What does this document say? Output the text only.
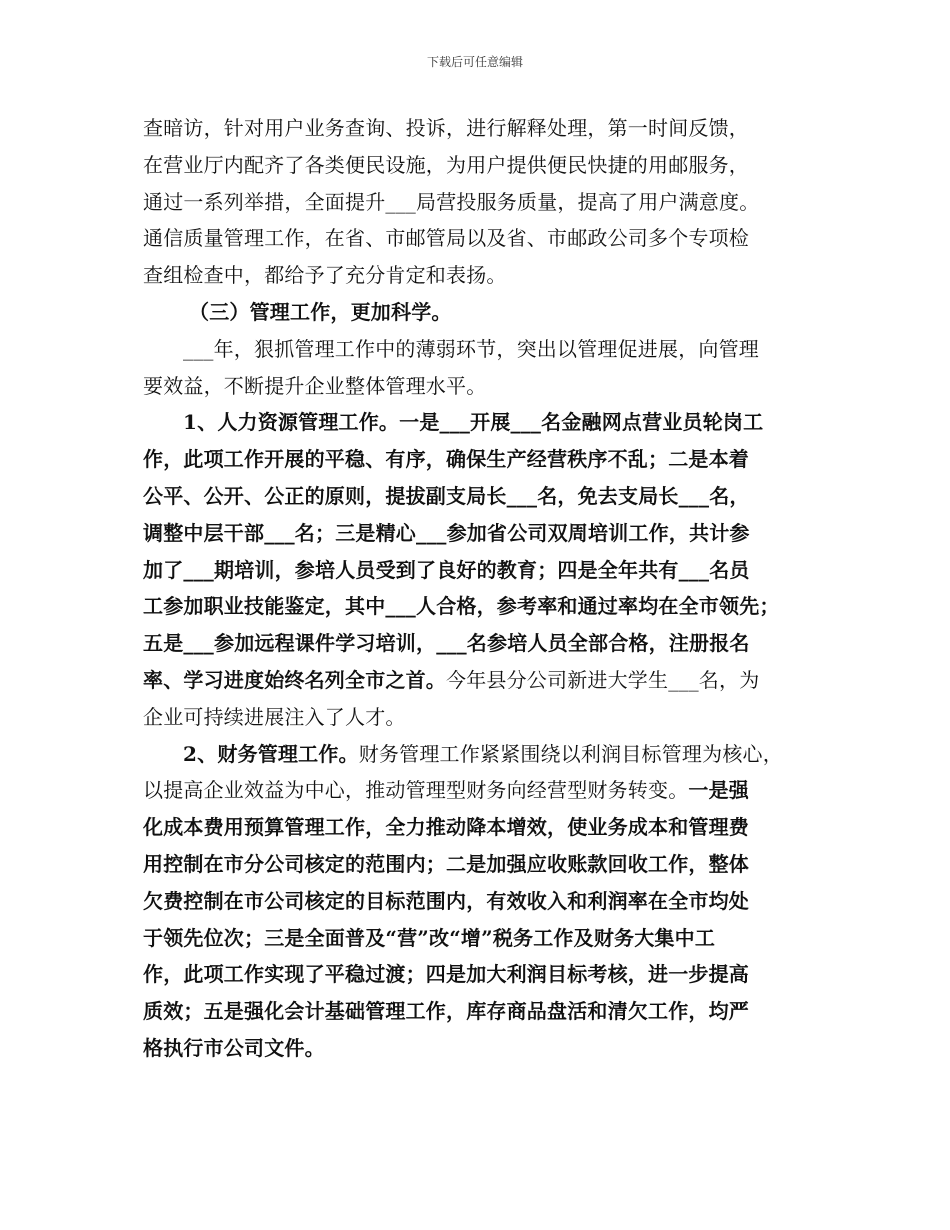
下载后可任意编辑
查暗访，针对用户业务查询、投诉，进行解释处理，第一时间反馈，
在营业厅内配齐了各类便民设施，为用户提供便民快捷的用邮服务，
通过一系列举措，全面提升___局营投服务质量，提高了用户满意度。
通信质量管理工作，在省、市邮管局以及省、市邮政公司多个专项检
查组检查中，都给予了充分肯定和表扬。
（三）管理工作，更加科学。
___年，狠抓管理工作中的薄弱环节，突出以管理促进展，向管理
要效益，不断提升企业整体管理水平。
1、人力资源管理工作。一是___开展___名金融网点营业员轮岗工
作，此项工作开展的平稳、有序，确保生产经营秩序不乱；二是本着
公平、公开、公正的原则，提拔副支局长___名，免去支局长___名，
调整中层干部___名；三是精心___参加省公司双周培训工作，共计参
加了___期培训，参培人员受到了良好的教育；四是全年共有___名员
工参加职业技能鉴定，其中___人合格，参考率和通过率均在全市领先；
五是___参加远程课件学习培训，___名参培人员全部合格，注册报名
率、学习进度始终名列全市之首。今年县分公司新进大学生___名，为
企业可持续进展注入了人才。
2、财务管理工作。财务管理工作紧紧围绕以利润目标管理为核心，
以提高企业效益为中心，推动管理型财务向经营型财务转变。一是强
化成本费用预算管理工作，全力推动降本增效，使业务成本和管理费
用控制在市分公司核定的范围内；二是加强应收账款回收工作，整体
欠费控制在市公司核定的目标范围内，有效收入和利润率在全市均处
于领先位次；三是全面普及“营”改“增”税务工作及财务大集中工
作，此项工作实现了平稳过渡；四是加大利润目标考核，进一步提高
质效；五是强化会计基础管理工作，库存商品盘活和清欠工作，均严
格执行市公司文件。
